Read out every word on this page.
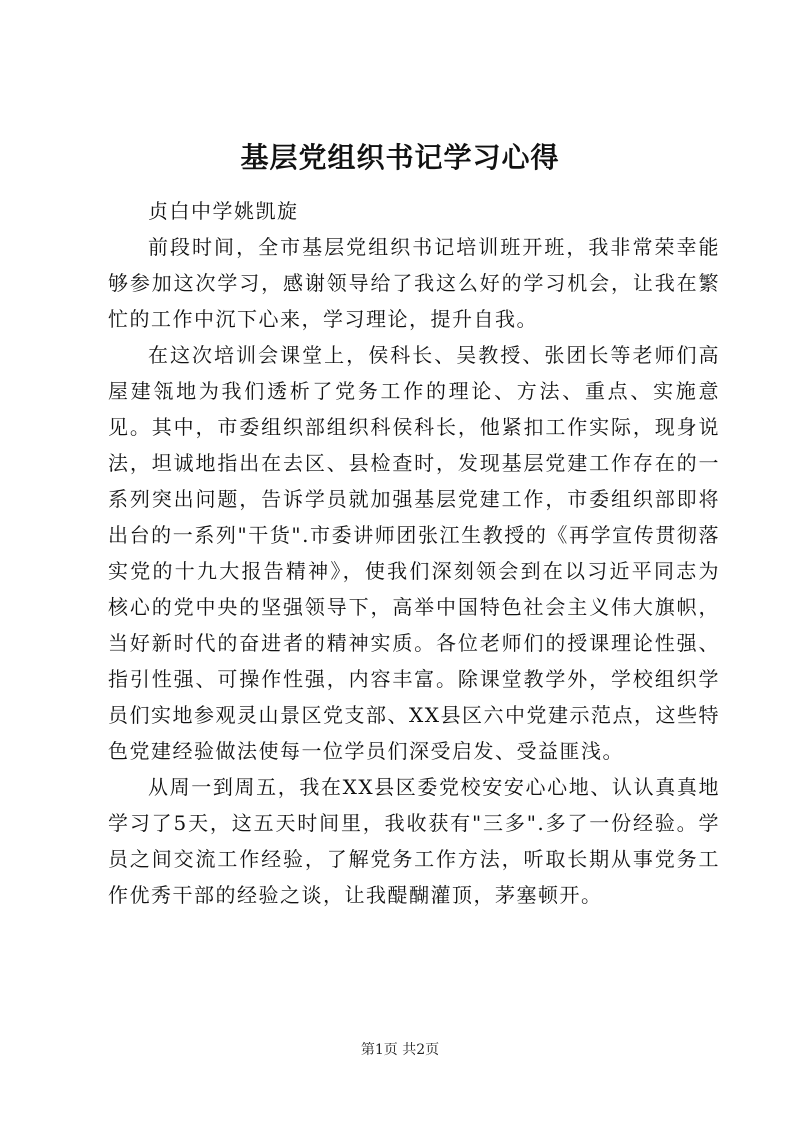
基层党组织书记学习心得

贞白中学姚凯旋

前段时间，全市基层党组织书记培训班开班，我非常荣幸能够参加这次学习，感谢领导给了我这么好的学习机会，让我在繁忙的工作中沉下心来，学习理论，提升自我。

在这次培训会课堂上，侯科长、吴教授、张团长等老师们高屋建瓴地为我们透析了党务工作的理论、方法、重点、实施意见。其中，市委组织部组织科侯科长，他紧扣工作实际，现身说法，坦诚地指出在去区、县检查时，发现基层党建工作存在的一系列突出问题，告诉学员就加强基层党建工作，市委组织部即将出台的一系列"干货".市委讲师团张江生教授的《再学宣传贯彻落实党的十九大报告精神》，使我们深刻领会到在以习近平同志为核心的党中央的坚强领导下，高举中国特色社会主义伟大旗帜，当好新时代的奋进者的精神实质。各位老师们的授课理论性强、指引性强、可操作性强，内容丰富。除课堂教学外，学校组织学员们实地参观灵山景区党支部、XX县区六中党建示范点，这些特色党建经验做法使每一位学员们深受启发、受益匪浅。

从周一到周五，我在XX县区委党校安安心心地、认认真真地学习了5天，这五天时间里，我收获有"三多".多了一份经验。学员之间交流工作经验，了解党务工作方法，听取长期从事党务工作优秀干部的经验之谈，让我醍醐灌顶，茅塞顿开。

第1页 共2页
